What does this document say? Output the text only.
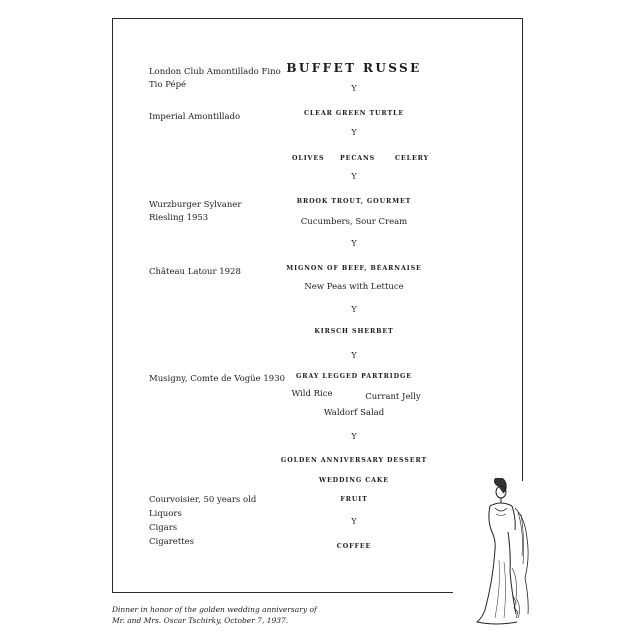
London Club Amontillado Fino
Tio Pépé
Imperial Amontillado
Wurzburger Sylvaner
Riesling 1953
Château Latour 1928
Musigny, Comte de Vogüe 1930
Courvoisier, 50 years old
Liquors
Cigars
Cigarettes
BUFFET RUSSE
Y
CLEAR GREEN TURTLE
Y
OLIVES PECANS	CELERY
Y
BROOK TROUT, GOURMET
Cucumbers, Sour Cream
Y
MIGNON OF BEEF, BÉARNAISE
New Peas with Lettuce
Y
KIRSCH SHERBET
Y
GRAY LEGGED PARTRIDGE
Wild Rice	Currant Jelly
Waldorf Salad
Y
GOLDEN ANNIVERSARY DESSERT
WEDDING CAKE
FRUIT
Y
COFFEE
Dinner in honor of the golden wedding anniversary of
Mr. and Mrs. Oscar Tschirky, October 7, 1937.
